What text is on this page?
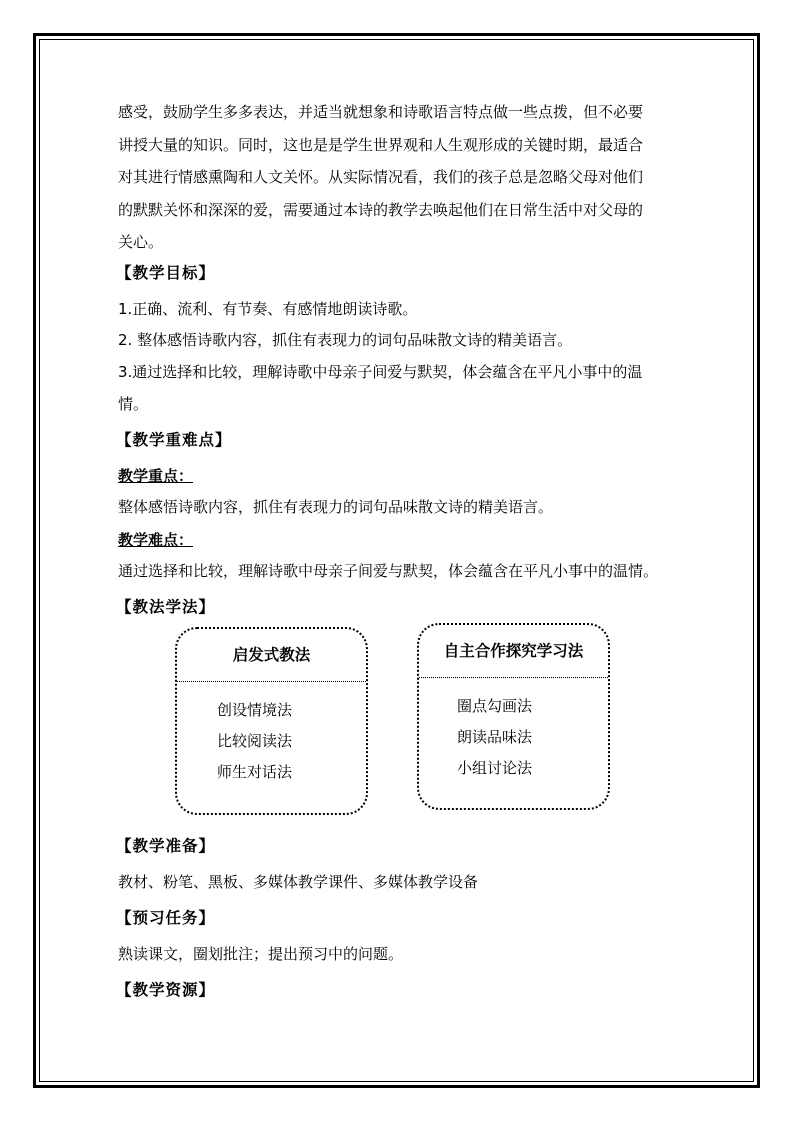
感受，鼓励学生多多表达，并适当就想象和诗歌语言特点做一些点拨，但不必要

讲授大量的知识。同时，这也是是学生世界观和人生观形成的关键时期，最适合

对其进行情感熏陶和人文关怀。从实际情况看，我们的孩子总是忽略父母对他们

的默默关怀和深深的爱，需要通过本诗的教学去唤起他们在日常生活中对父母的

关心。

【教学目标】
1.正确、流利、有节奏、有感情地朗读诗歌。
2. 整体感悟诗歌内容，抓住有表现力的词句品味散文诗的精美语言。
3.通过选择和比较，理解诗歌中母亲子间爱与默契，体会蕴含在平凡小事中的温
情。
【教学重难点】
教学重点：
整体感悟诗歌内容，抓住有表现力的词句品味散文诗的精美语言。
教学难点：
通过选择和比较，理解诗歌中母亲子间爱与默契，体会蕴含在平凡小事中的温情。
【教法学法】
启发式教法
创设情境法
比较阅读法
师生对话法
自主合作探究学习法
圈点勾画法
朗读品味法
小组讨论法
【教学准备】
教材、粉笔、黑板、多媒体教学课件、多媒体教学设备
【预习任务】
熟读课文，圈划批注；提出预习中的问题。
【教学资源】
